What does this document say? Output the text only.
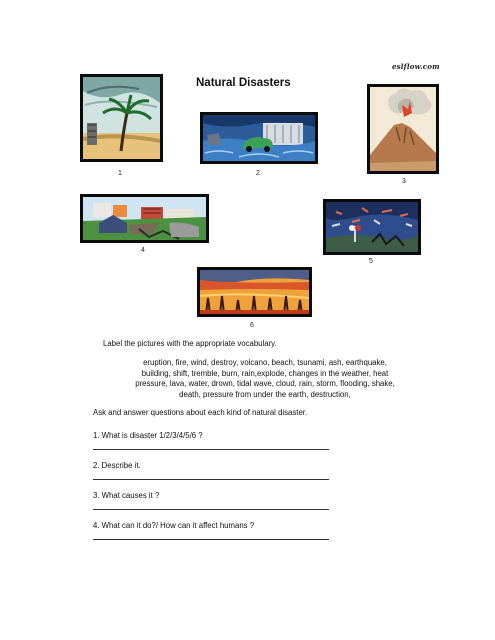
eslflow.com
Natural Disasters
1	2
3
4
5
6
Label the pictures with the appropriate vocabulary.
eruption, fire, wind, destroy, volcano, beach, tsunami, ash, earthquake,
building, shift, tremble, burn, rain,explode, changes in the weather, heat
pressure, lava, water, drown, tidal wave, cloud, rain, storm, flooding, shake,
death, pressure from under the earth, destruction,
Ask and answer questions about each kind of natural disaster.
1. What is disaster 1/2/3/4/5/6 ?
2. Describe it.
3. What causes it ?
4. What can it do?/ How can it affect humans ?
